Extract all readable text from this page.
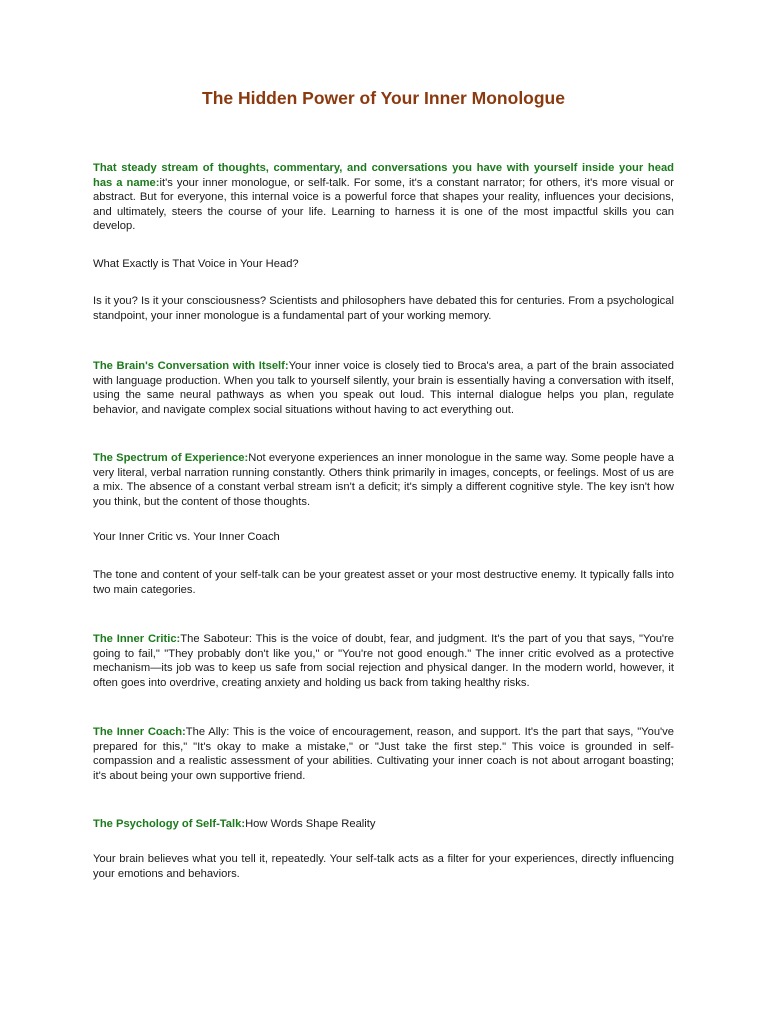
The Hidden Power of Your Inner Monologue

That steady stream of thoughts, commentary, and conversations you have with yourself inside your head has a name:it's your inner monologue, or self-talk. For some, it's a constant narrator; for others, it's more visual or abstract. But for everyone, this internal voice is a powerful force that shapes your reality, influences your decisions, and ultimately, steers the course of your life. Learning to harness it is one of the most impactful skills you can develop.

What Exactly is That Voice in Your Head?

Is it you? Is it your consciousness? Scientists and philosophers have debated this for centuries. From a psychological standpoint, your inner monologue is a fundamental part of your working memory.

The Brain's Conversation with Itself:Your inner voice is closely tied to Broca's area, a part of the brain associated with language production. When you talk to yourself silently, your brain is essentially having a conversation with itself, using the same neural pathways as when you speak out loud. This internal dialogue helps you plan, regulate behavior, and navigate complex social situations without having to act everything out.

The Spectrum of Experience:Not everyone experiences an inner monologue in the same way. Some people have a very literal, verbal narration running constantly. Others think primarily in images, concepts, or feelings. Most of us are a mix. The absence of a constant verbal stream isn't a deficit; it's simply a different cognitive style. The key isn't how you think, but the content of those thoughts.

Your Inner Critic vs. Your Inner Coach

The tone and content of your self-talk can be your greatest asset or your most destructive enemy. It typically falls into two main categories.

The Inner Critic:The Saboteur: This is the voice of doubt, fear, and judgment. It's the part of you that says, "You're going to fail," "They probably don't like you," or "You're not good enough." The inner critic evolved as a protective mechanism—its job was to keep us safe from social rejection and physical danger. In the modern world, however, it often goes into overdrive, creating anxiety and holding us back from taking healthy risks.

The Inner Coach:The Ally: This is the voice of encouragement, reason, and support. It's the part that says, "You've prepared for this," "It's okay to make a mistake," or "Just take the first step." This voice is grounded in self-compassion and a realistic assessment of your abilities. Cultivating your inner coach is not about arrogant boasting; it's about being your own supportive friend.

The Psychology of Self-Talk:How Words Shape Reality

Your brain believes what you tell it, repeatedly. Your self-talk acts as a filter for your experiences, directly influencing your emotions and behaviors.
